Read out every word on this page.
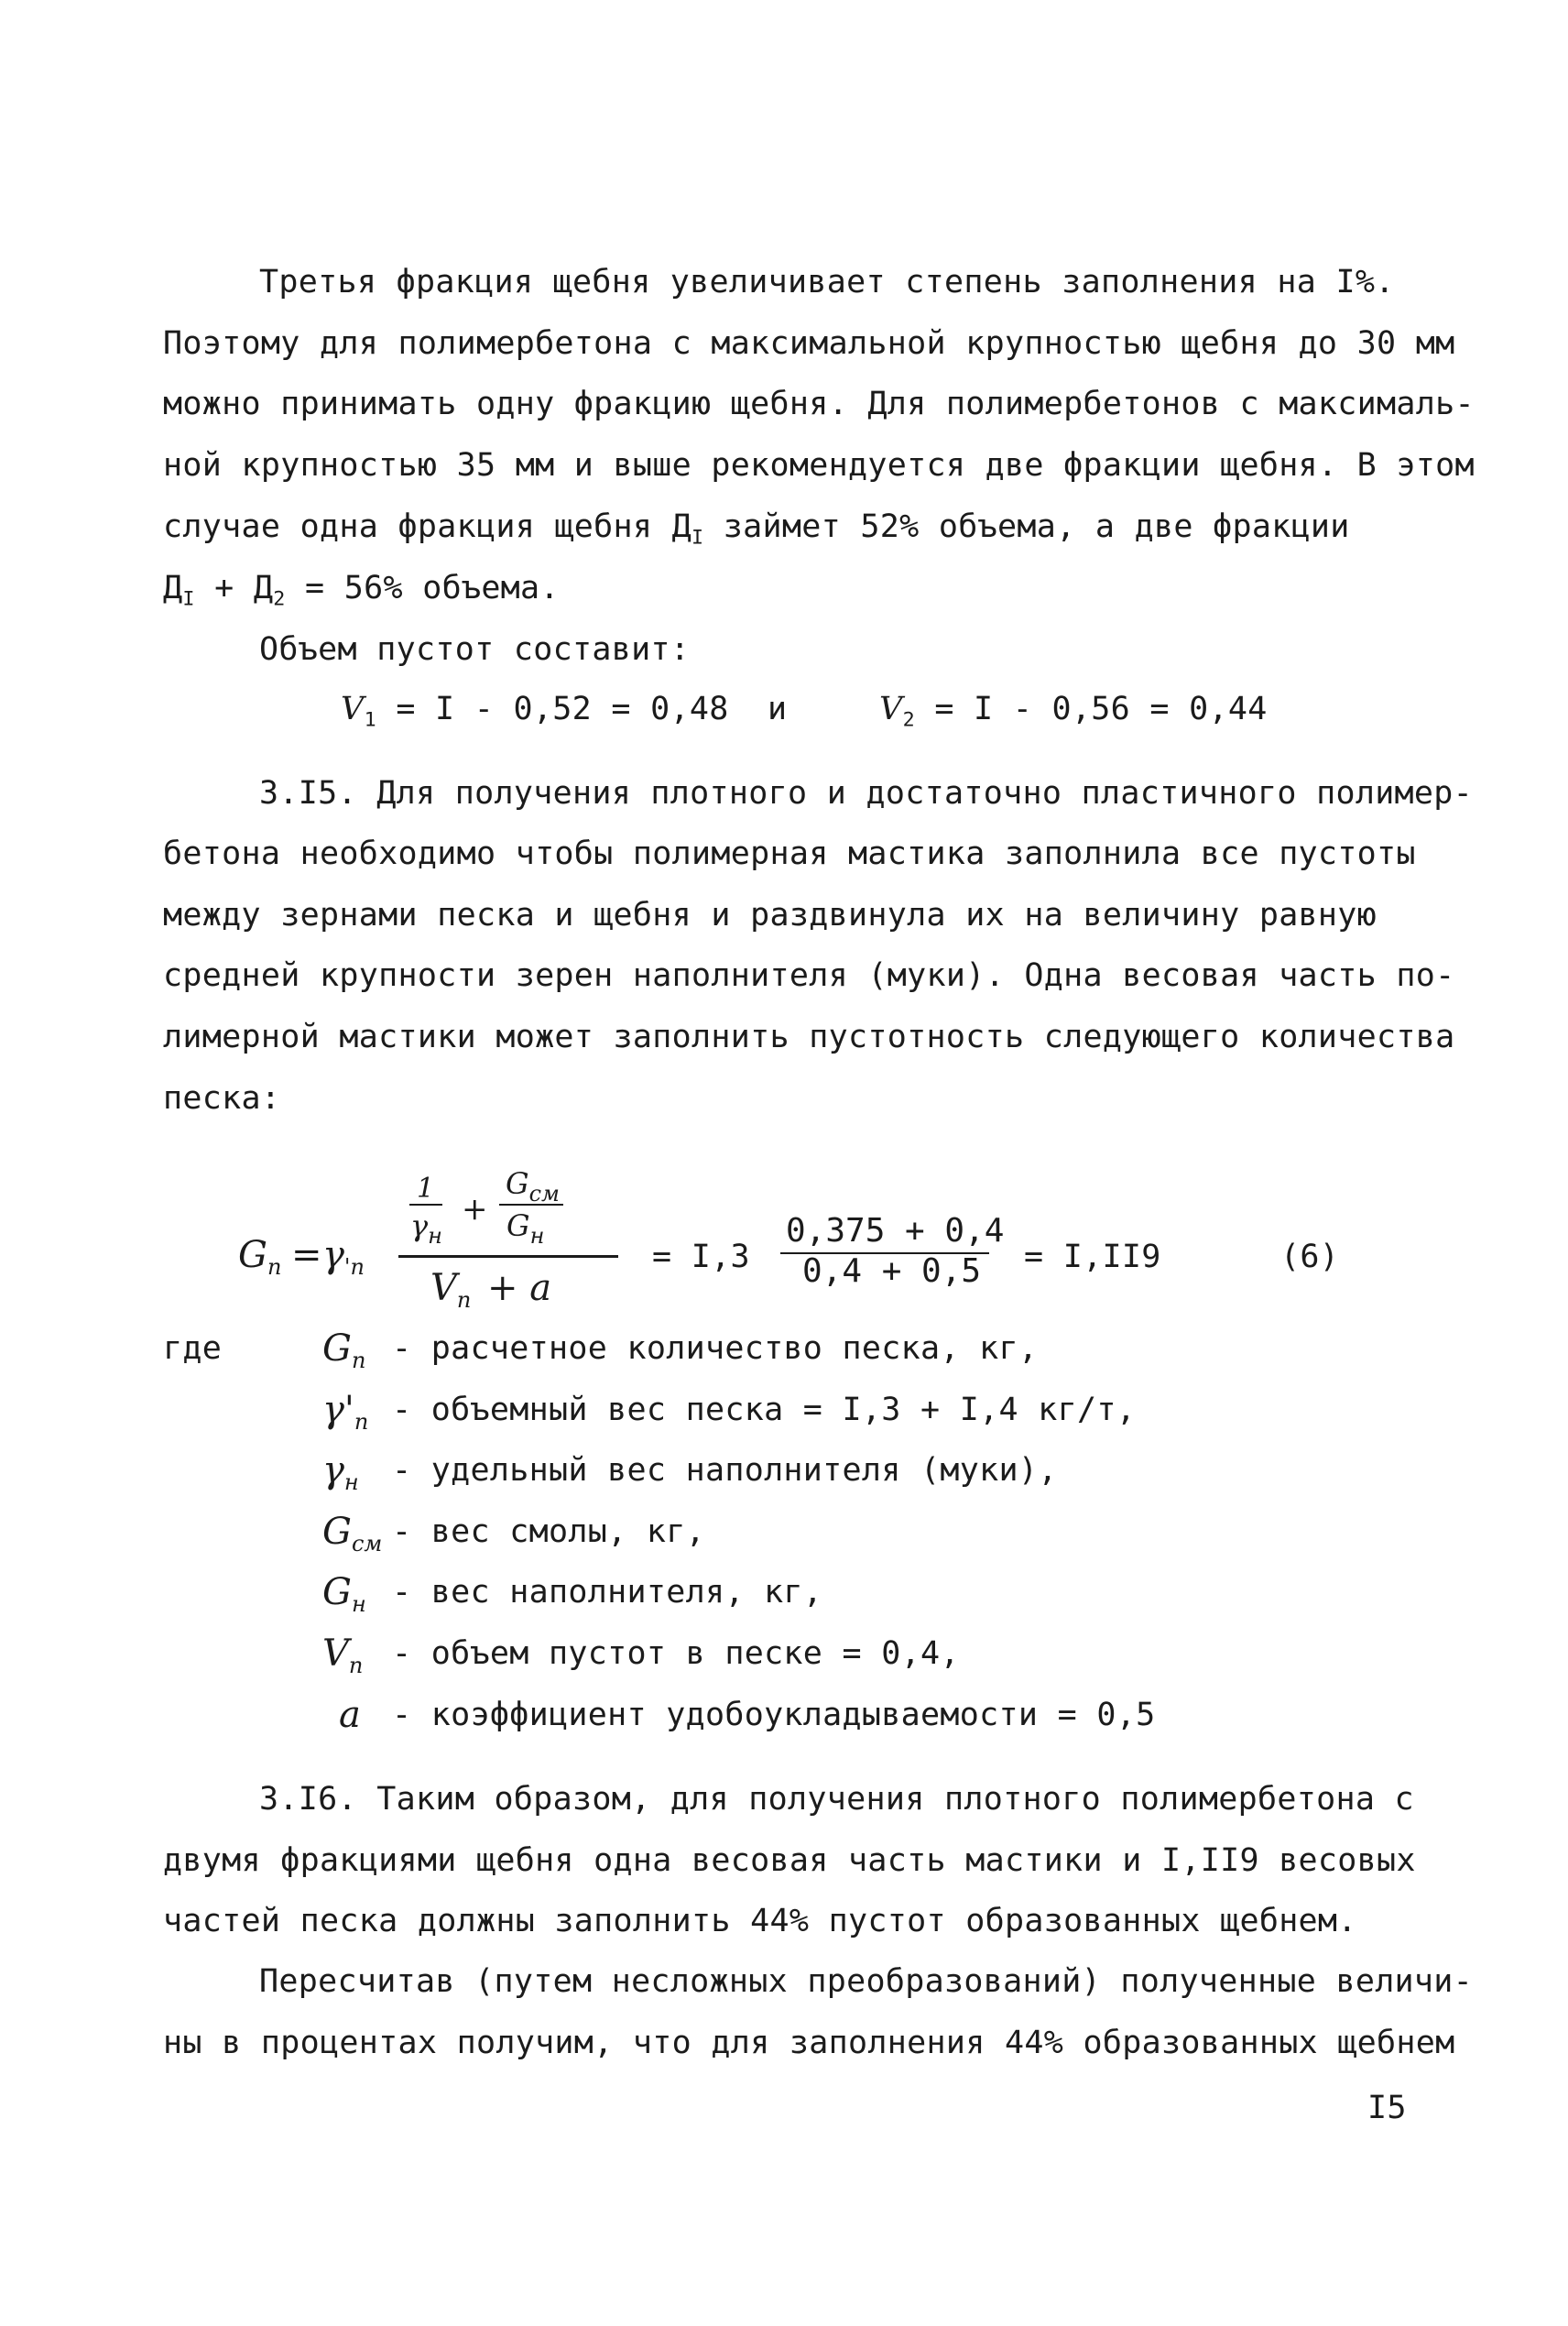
Третья фракция щебня увеличивает степень заполнения на I%.
Поэтому для полимербетона с максимальной крупностью щебня до 30 мм
можно принимать одну фракцию щебня. Для полимербетонов с максималь-
ной крупностью 35 мм и выше рекомендуется две фракции щебня. В этом
случае одна фракция щебня $Д_I$ займет 52% объема, а две фракции
$Д_I + Д_2 = 56\%$ объема.
Объем пустот составит:
$V_1 = I - 0,52 = 0,48$ и	$V_2 = I - 0,56 = 0,44$
3.I5. Для получения плотного и достаточно пластичного полимер-
бетона необходимо чтобы полимерная мастика заполнила все пустоты
между зернами песка и щебня и раздвинула их на величину равную
средней крупности зерен наполнителя (муки). Одна весовая часть по-
лимерной мастики может заполнить пустотность следующего количества
песка:
$G_п = \gamma_{'п}$
1
$\gamma_н$
+
$G_{см}$
$G_н$
$V_п + a$
= I,3
0,375 + 0,4
0,4 + 0,5 = I,II9	(6)
где	$G_п$ - расчетное количество песка, кг,
$\gamma'_п$ - объемный вес песка = I,3 + I,4 кг/т,
$\gamma_н$ - удельный вес наполнителя (муки),
$G_{см}$ - вес смолы, кг,
$G_н$ - вес наполнителя, кг,
$V_п$ - объем пустот в песке = 0,4,
a - коэффициент удобоукладываемости = 0,5
3.I6. Таким образом, для получения плотного полимербетона с
двумя фракциями щебня одна весовая часть мастики и I,II9 весовых
частей песка должны заполнить 44% пустот образованных щебнем.
Пересчитав (путем несложных преобразований) полученные величи-
ны в процентах получим, что для заполнения 44% образованных щебнем
I5
